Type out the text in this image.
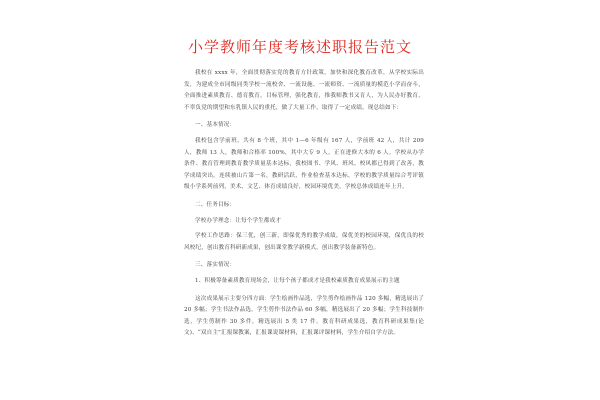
小学教师年度考核述职报告范文

我校在 xxxx 年，全面贯彻落实党的教育方针政策，加快和深化教育改革，从学校实际出发，为建成全市同级同类学校一流校舍、一流设施、一流师资、一流质量的模范小学而奋斗，全面推进素质教育、德育教育，目标管理，强化教育，推我师教书又育人，为人民办好教育，不辜负党的期望和东乳镇人民的重托，做了大量工作，取得了一定成绩。现总结如下：

一、基本情况：

我校包含学前班，共有 8 个班，其中 1—6 年级有 167 人，学前班 42 人，共计 209 人，教师 13 人，教师和合格率 100%，其中大专 9 人，正在进修大本的 6 人。学校从办学条件、教育管理到教育教学质量基本达标，我校图书、学风、班风、校风都已得到了改善，教学成绩突出。连续被山片第一名，教研活跃，作业检查基本达标，学校的教学质量综合考评镇级小学系列前列，美术、文艺、体育成绩良好，校园环境优美，学校总体成绩连年上升。

二、任务目标：

学校办学理念：让每个学生都成才

学校工作思路：保三优，创三新，即保优秀的教学成绩，保优美的校园环境，保优良的校风校纪，创出教育科研新成果，创出课堂教学新模式，创出教学装备新特色。

三、落实情况：

1、积极筹备素质教育现场会，让每个孩子都成才是我校素质教育成果展示的主题

这次成果展示主要分四方面：学生绘画作品选，学生剪作绘画作品 120 多幅，精选展出了 20 多幅；学生书法作品选，学生剪作书法作品 60 多幅，精选展出了 20 多幅；学生科技制作选，学生剪制作 30 多件，精选展出 5 类 17 件。教育科研成果选，教育科研成果集(论文)、“双自主”汇报课教案，汇报课说课材料，汇报课评课材料，学生介绍自学方法。
